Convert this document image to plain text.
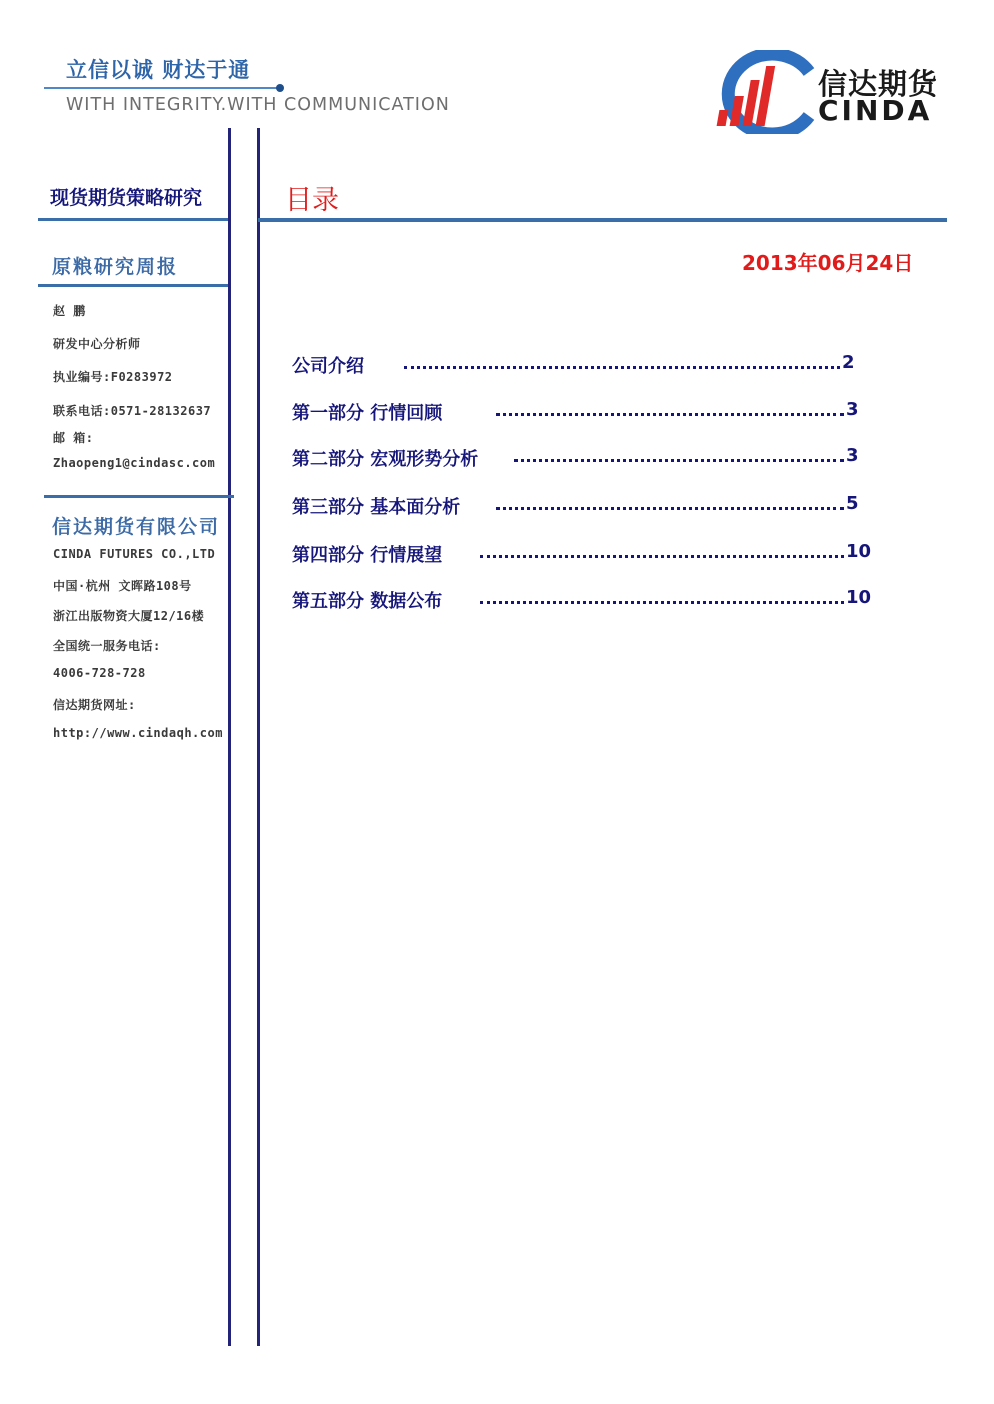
立信以诚 财达于通
WITH INTEGRITY.WITH COMMUNICATION
信达期货
CINDA
现货期货策略研究
原粮研究周报
赵 鹏
研发中心分析师
执业编号:F0283972
联系电话:0571-28132637
邮 箱:
Zhaopeng1@cindasc.com
信达期货有限公司
CINDA FUTURES CO.,LTD
中国·杭州 文晖路108号
浙江出版物资大厦12/16楼
全国统一服务电话:
4006-728-728
信达期货网址:
http://www.cindaqh.com
目录
2013年06月24日
公司介绍	2
第一部分 行情回顾	3
第二部分 宏观形势分析	3
第三部分 基本面分析	5
第四部分 行情展望	10
第五部分 数据公布	10
